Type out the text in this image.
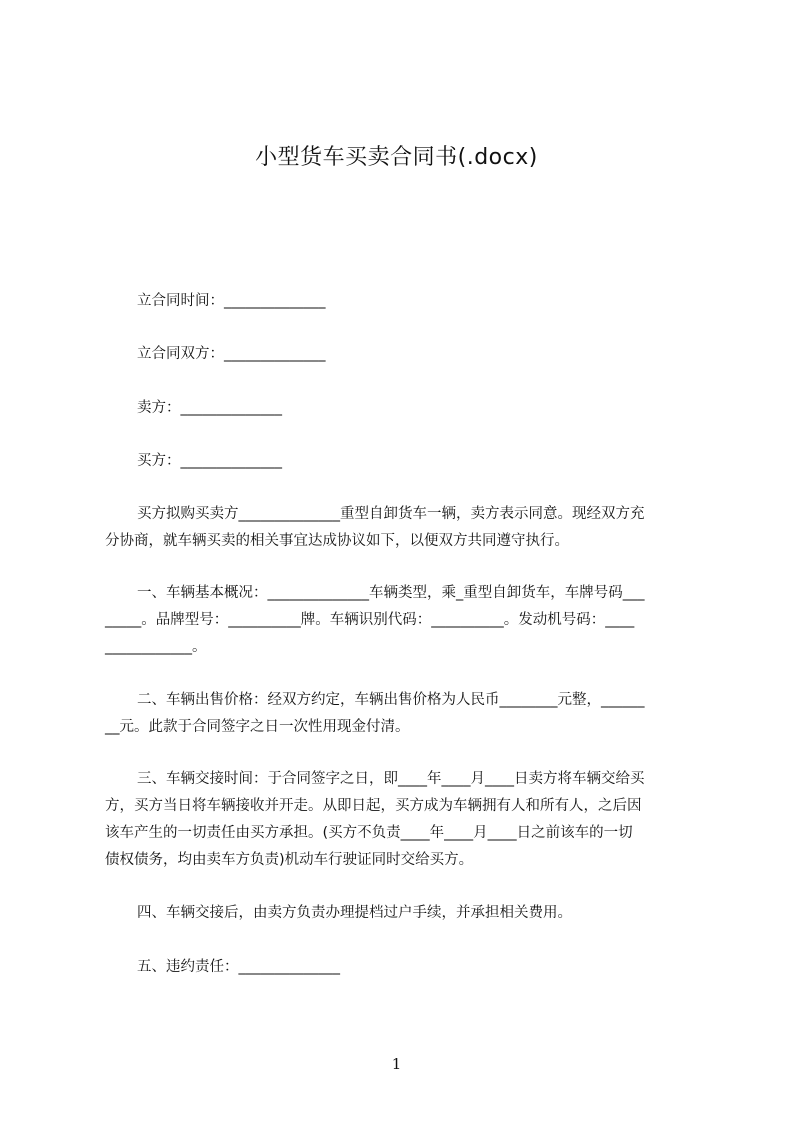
小型货车买卖合同书(.docx)
立合同时间：______________
立合同双方：______________
卖方：______________
买方：______________
买方拟购买卖方______________重型自卸货车一辆，卖方表示同意。现经双方充
分协商，就车辆买卖的相关事宜达成协议如下，以便双方共同遵守执行。
一、车辆基本概况：______________车辆类型，乘_重型自卸货车，车牌号码___
_____。品牌型号：__________牌。车辆识别代码：__________。发动机号码：____
____________。
二、车辆出售价格：经双方约定，车辆出售价格为人民币________元整，______
__元。此款于合同签字之日一次性用现金付清。
三、车辆交接时间：于合同签字之日，即____年____月____日卖方将车辆交给买
方，买方当日将车辆接收并开走。从即日起，买方成为车辆拥有人和所有人，之后因
该车产生的一切责任由买方承担。(买方不负责____年____月____日之前该车的一切
债权债务，均由卖车方负责)机动车行驶证同时交给买方。
四、车辆交接后，由卖方负责办理提档过户手续，并承担相关费用。
五、违约责任：______________
1
